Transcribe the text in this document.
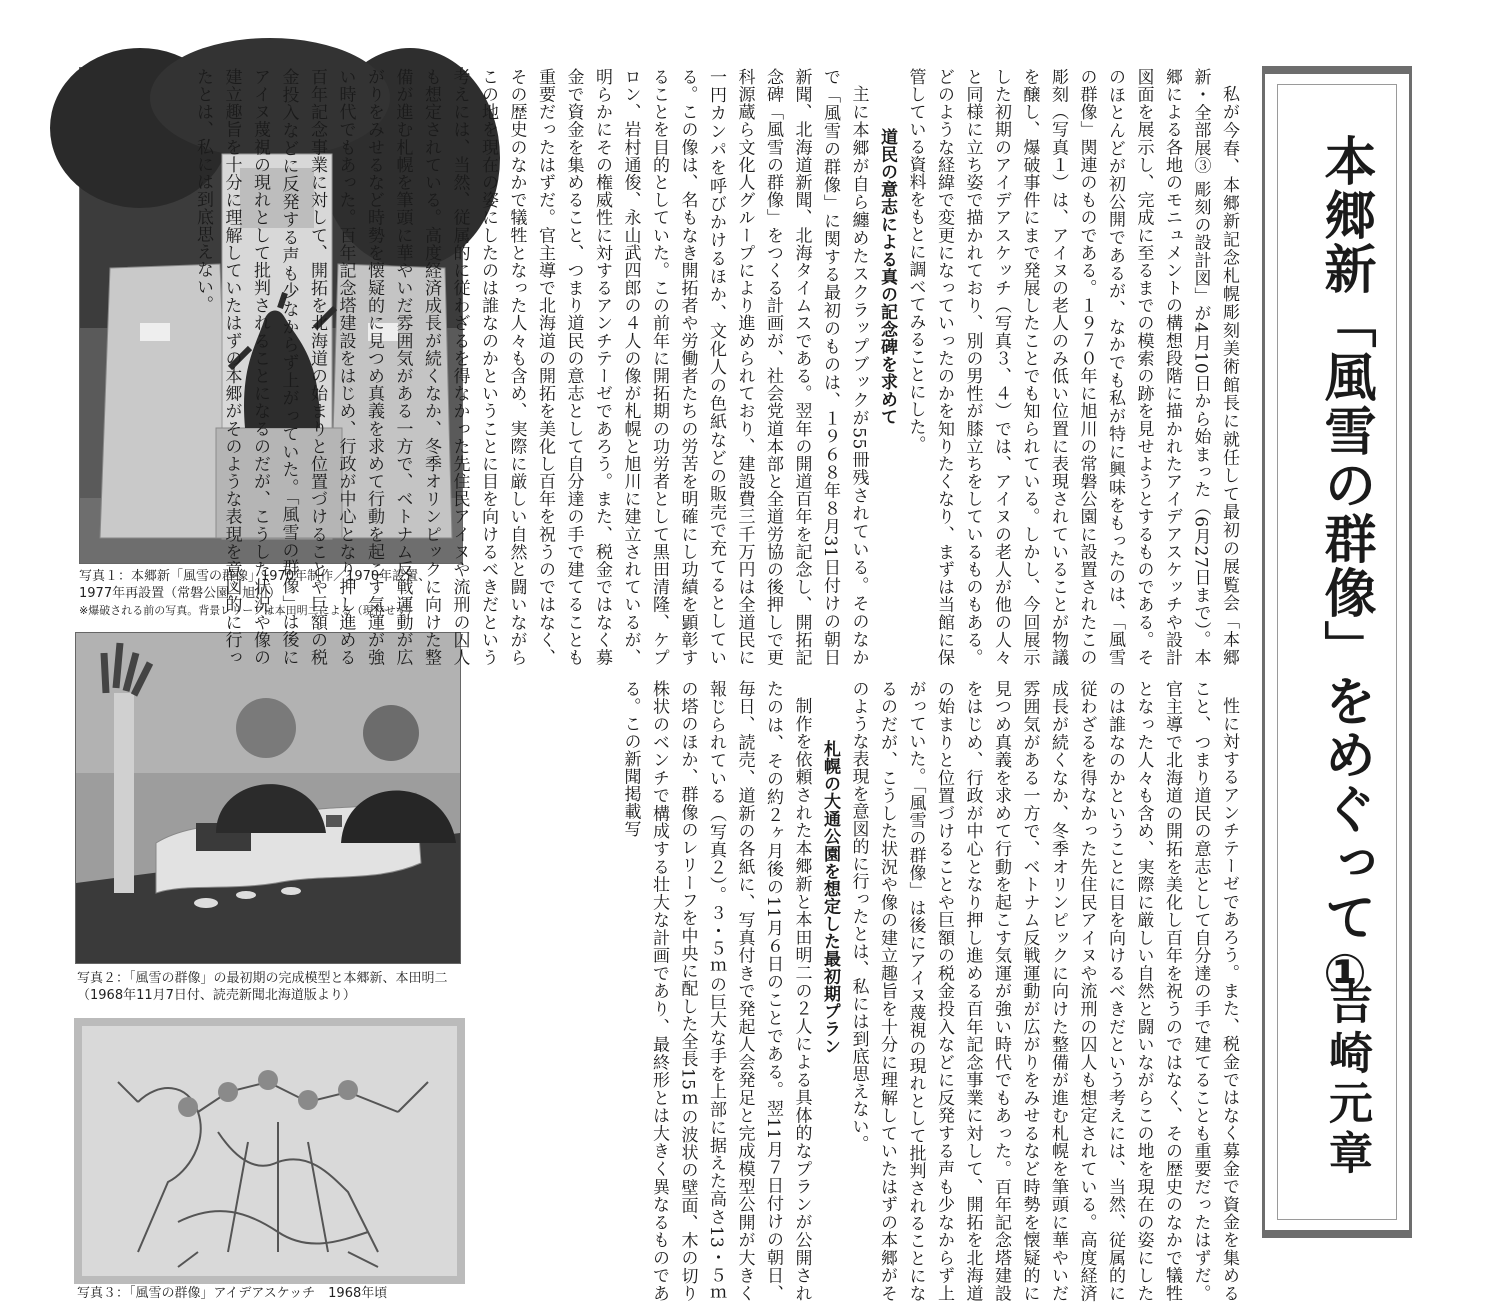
写真１：本郷新「風雪の群像」1970年制作／1970年設置、1977年再設置（常磐公園、旭川）
※爆破される前の写真。背景レリーフは本田明二による（現存せず）
写真２：「風雪の群像」の最初期の完成模型と本郷新、本田明二（1968年11月7日付、読売新聞北海道版より）
写真３：「風雪の群像」アイデアスケッチ　1968年頃

私が今春、本郷新記念札幌彫刻美術館長に就任して最初の展覧会「本郷新・全部展③ 彫刻の設計図」が4月10日から始まった（6月27日まで）。本郷による各地のモニュメントの構想段階に描かれたアイデアスケッチや設計図面を展示し、完成に至るまでの模索の跡を見せようとするものである。そのほとんどが初公開であるが、なかでも私が特に興味をもったのは、「風雪の群像」関連のものである。１９７０年に旭川の常磐公園に設置されたこの彫刻（写真１）は、アイヌの老人のみ低い位置に表現されていることが物議を醸し、爆破事件にまで発展したことでも知られている。しかし、今回展示した初期のアイデアスケッチ（写真３、４）では、アイヌの老人が他の人々と同様に立ち姿で描かれており、別の男性が膝立ちをしているものもある。どのような経緯で変更になっていったのかを知りたくなり、まずは当館に保管している資料をもとに調べてみることにした。

道民の意志による真の記念碑を求めて

主に本郷が自ら纏めたスクラップブックが55冊残されている。そのなかで「風雪の群像」に関する最初のものは、１９６８年８月31日付けの朝日新聞、北海道新聞、北海タイムスである。翌年の開道百年を記念し、開拓記念碑「風雪の群像」をつくる計画が、社会党道本部と全道労協の後押しで更科源蔵ら文化人グループにより進められており、建設費三千万円は全道民に一円カンパを呼びかけるほか、文化人の色紙などの販売で充てるとしている。この像は、名もなき開拓者や労働者たちの労苦を明確にし功績を顕彰することを目的としていた。この前年に開拓期の功労者として黒田清隆、ケプロン、岩村通俊、永山武四郎の４人の像が札幌と旭川に建立されているが、明らかにその権威性に対するアンチテーゼであろう。また、税金ではなく募金で資金を集めること、つまり道民の意志として自分達の手で建てることも重要だったはずだ。官主導で北海道の開拓を美化し百年を祝うのではなく、その歴史のなかで犠牲となった人々も含め、実際に厳しい自然と闘いながらこの地を現在の姿にしたのは誰なのかということに目を向けるべきだという考えには、当然、従属的に従わざるを得なかった先住民アイヌや流刑の囚人も想定されている。高度経済成長が続くなか、冬季オリンピックに向けた整備が進む札幌を筆頭に華やいだ雰囲気がある一方で、ベトナム反戦運動が広がりをみせるなど時勢を懐疑的に見つめ真義を求めて行動を起こす気運が強い時代でもあった。百年記念塔建設をはじめ、行政が中心となり押し進める百年記念事業に対して、開拓を北海道の始まりと位置づけることや巨額の税金投入などに反発する声も少なからず上がっていた。「風雪の群像」は後にアイヌ蔑視の現れとして批判されることになるのだが、こうした状況や像の建立趣旨を十分に理解していたはずの本郷がそのような表現を意図的に行ったとは、私には到底思えない。

性に対するアンチテーゼであろう。また、税金ではなく募金で資金を集めること、つまり道民の意志として自分達の手で建てることも重要だったはずだ。官主導で北海道の開拓を美化し百年を祝うのではなく、その歴史のなかで犠牲となった人々も含め、実際に厳しい自然と闘いながらこの地を現在の姿にしたのは誰なのかということに目を向けるべきだという考えには、当然、従属的に従わざるを得なかった先住民アイヌや流刑の囚人も想定されている。高度経済成長が続くなか、冬季オリンピックに向けた整備が進む札幌を筆頭に華やいだ雰囲気がある一方で、ベトナム反戦運動が広がりをみせるなど時勢を懐疑的に見つめ真義を求めて行動を起こす気運が強い時代でもあった。百年記念塔建設をはじめ、行政が中心となり押し進める百年記念事業に対して、開拓を北海道の始まりと位置づけることや巨額の税金投入などに反発する声も少なからず上がっていた。「風雪の群像」は後にアイヌ蔑視の現れとして批判されることになるのだが、こうした状況や像の建立趣旨を十分に理解していたはずの本郷がそのような表現を意図的に行ったとは、私には到底思えない。

札幌の大通公園を想定した最初期プラン

制作を依頼された本郷新と本田明二の２人による具体的なプランが公開されたのは、その約２ヶ月後の11月６日のことである。翌11月７日付けの朝日、毎日、読売、道新の各紙に、写真付きで発起人会発足と完成模型公開が大きく報じられている（写真２）。３・５ｍの巨大な手を上部に据えた高さ13・５ｍの塔のほか、群像のレリーフを中央に配した全長15ｍの波状の壁面、木の切り株状のベンチで構成する壮大な計画であり、最終形とは大きく異なるものである。この新聞掲載写	本郷新「風雪の群像」をめぐって①
吉崎元章
